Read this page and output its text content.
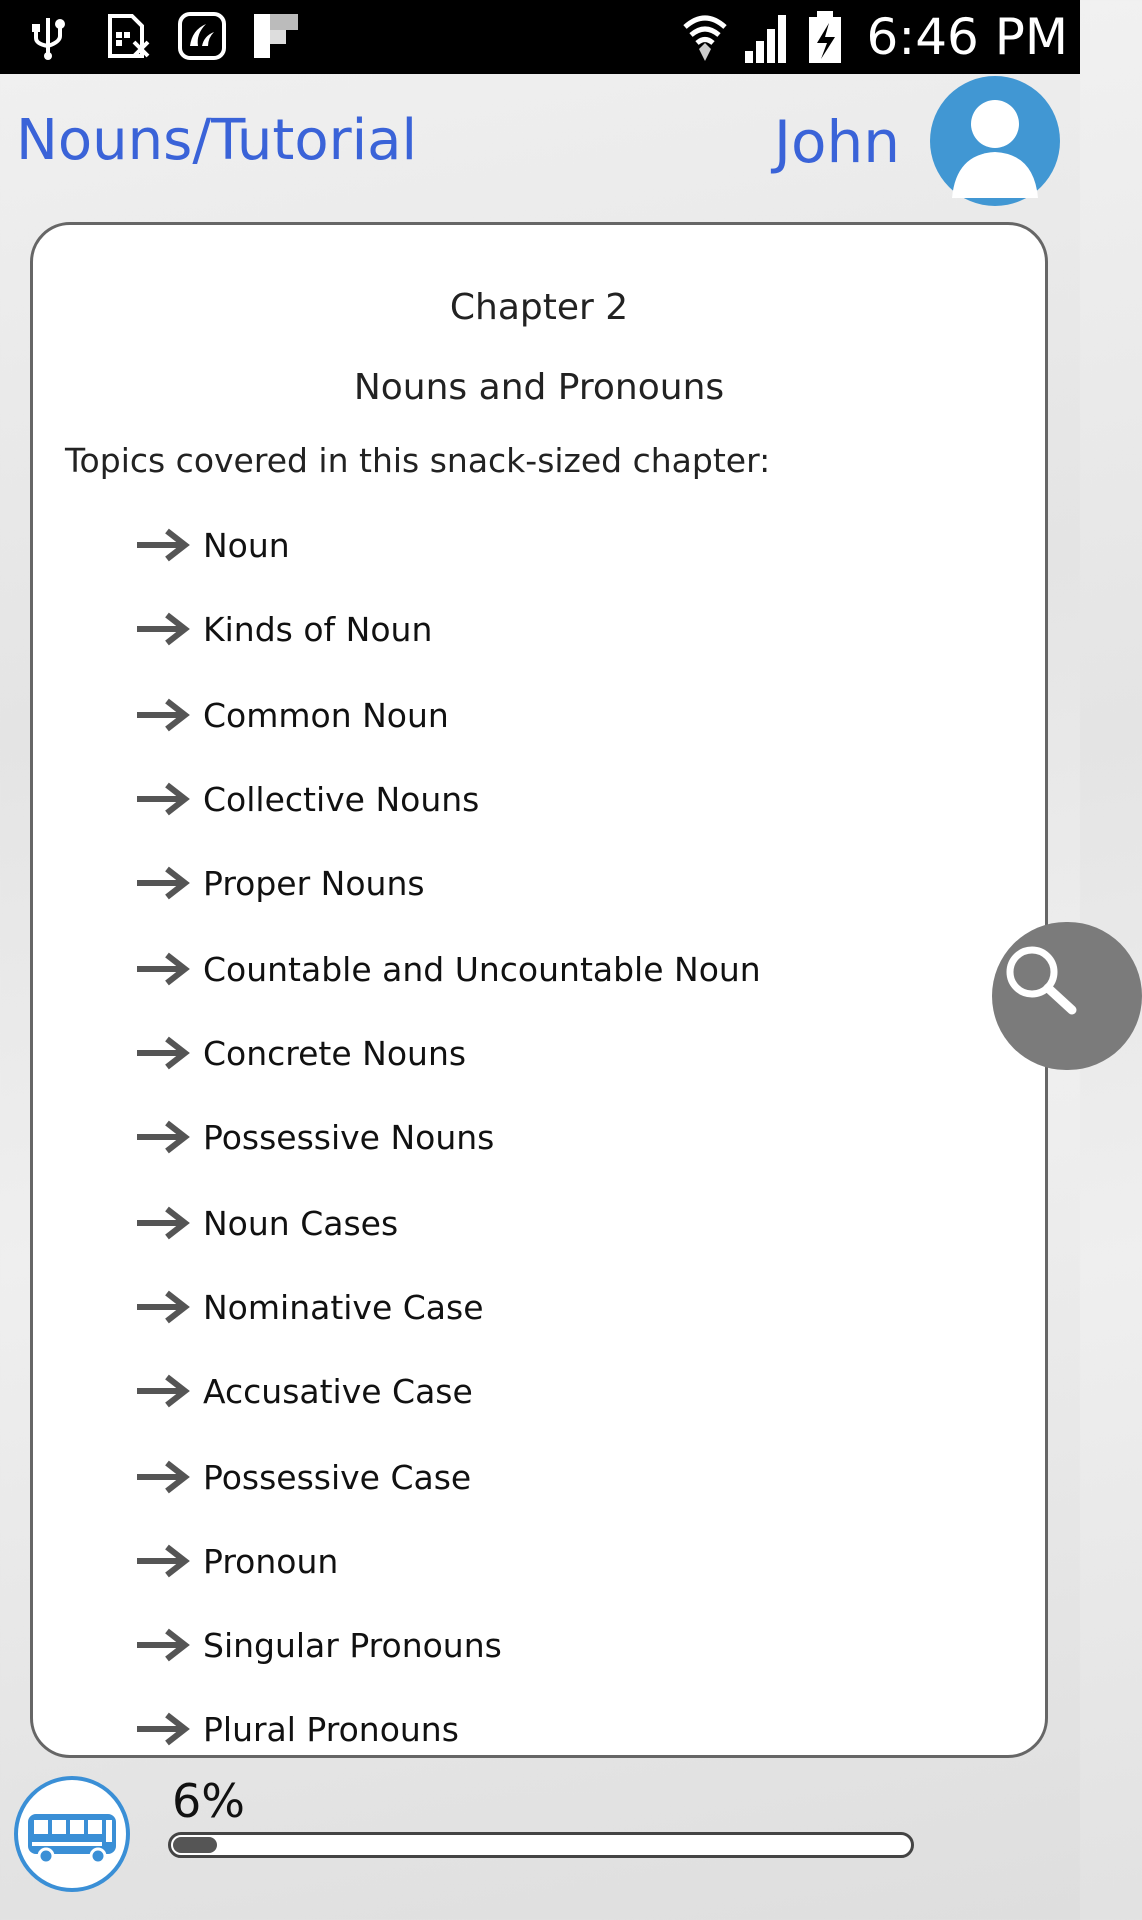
6:46 PM
Nouns/Tutorial	John
Chapter 2
Nouns and Pronouns
Topics covered in this snack-sized chapter:
Noun
Kinds of Noun
Common Noun
Collective Nouns
Proper Nouns
Countable and Uncountable Noun
Concrete Nouns
Possessive Nouns
Noun Cases
Nominative Case
Accusative Case
Possessive Case
Pronoun
Singular Pronouns
Plural Pronouns
6%
